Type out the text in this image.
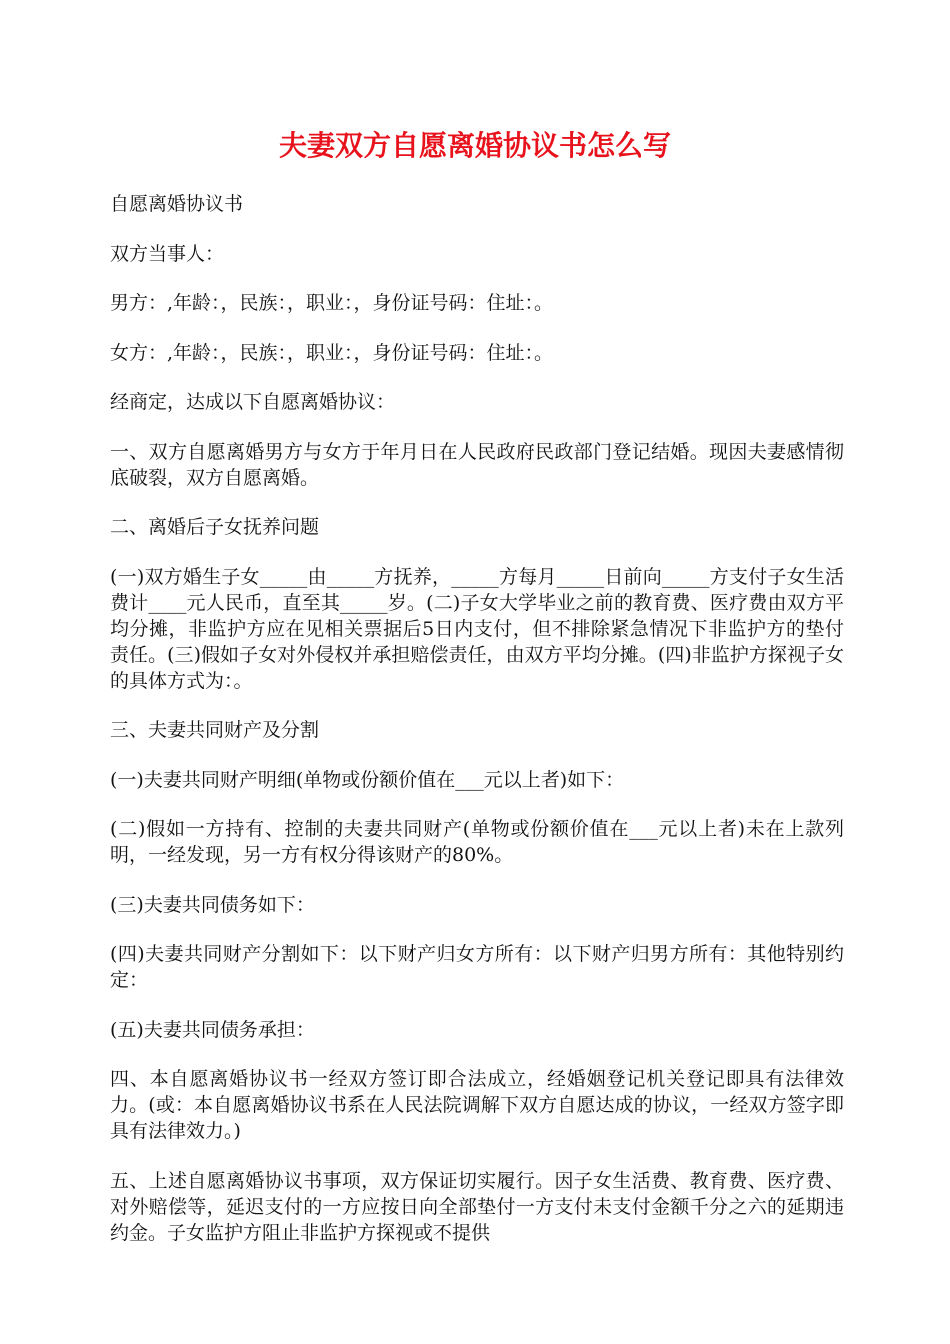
夫妻双方自愿离婚协议书怎么写

自愿离婚协议书

双方当事人：

男方：,年龄：，民族：，职业：，身份证号码：住址：。

女方：,年龄：，民族：，职业：，身份证号码：住址：。

经商定，达成以下自愿离婚协议：

一、双方自愿离婚男方与女方于年月日在人民政府民政部门登记结婚。现因夫妻感情彻底破裂，双方自愿离婚。

二、离婚后子女抚养问题

(一)双方婚生子女_____由_____方抚养，_____方每月_____日前向_____方支付子女生活费计____元人民币，直至其_____岁。(二)子女大学毕业之前的教育费、医疗费由双方平均分摊，非监护方应在见相关票据后5日内支付，但不排除紧急情况下非监护方的垫付责任。(三)假如子女对外侵权并承担赔偿责任，由双方平均分摊。(四)非监护方探视子女的具体方式为：。

三、夫妻共同财产及分割

(一)夫妻共同财产明细(单物或份额价值在___元以上者)如下：

(二)假如一方持有、控制的夫妻共同财产(单物或份额价值在___元以上者)未在上款列明，一经发现，另一方有权分得该财产的80%。

(三)夫妻共同债务如下：

(四)夫妻共同财产分割如下：以下财产归女方所有：以下财产归男方所有：其他特别约定：

(五)夫妻共同债务承担：

四、本自愿离婚协议书一经双方签订即合法成立，经婚姻登记机关登记即具有法律效力。(或：本自愿离婚协议书系在人民法院调解下双方自愿达成的协议，一经双方签字即具有法律效力。)

五、上述自愿离婚协议书事项，双方保证切实履行。因子女生活费、教育费、医疗费、对外赔偿等，延迟支付的一方应按日向全部垫付一方支付未支付金额千分之六的延期违约金。子女监护方阻止非监护方探视或不提供
